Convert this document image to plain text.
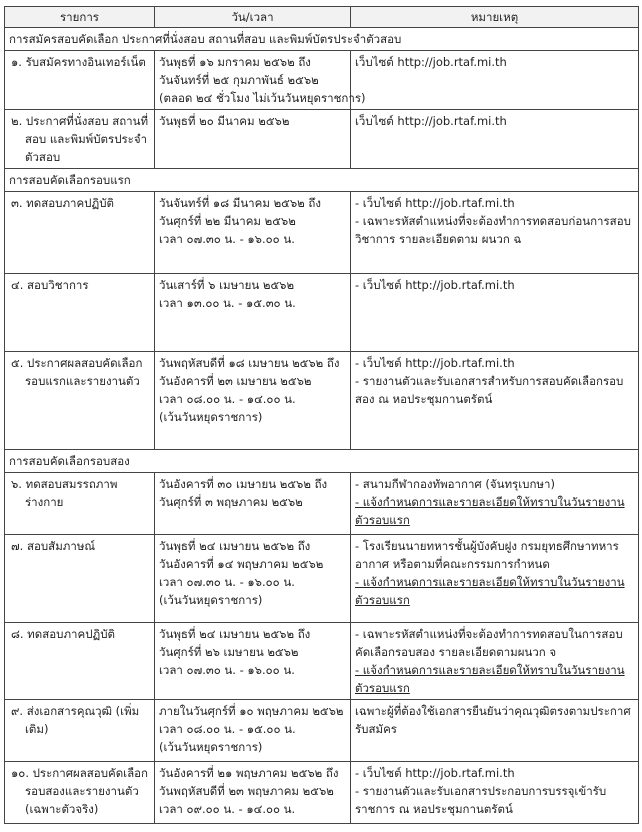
รายการ	วัน/เวลา	หมายเหตุ
การสมัครสอบคัดเลือก ประกาศที่นั่งสอบ สถานที่สอบ และพิมพ์บัตรประจำตัวสอบ		

๑. รับสมัครทางอินเทอร์เน็ต	วันพุธที่ ๑๖ มกราคม ๒๕๖๒ ถึง
วันจันทร์ที่ ๒๕ กุมภาพันธ์ ๒๕๖๒
(ตลอด ๒๔ ชั่วโมง ไม่เว้นวันหยุดราชการ)	เว็บไซต์ http://job.rtaf.mi.th

๒. ประกาศที่นั่งสอบ สถานที่สอบ และพิมพ์บัตรประจำตัวสอบ	วันพุธที่ ๒๐ มีนาคม ๒๕๖๒	เว็บไซต์ http://job.rtaf.mi.th

การสอบคัดเลือกรอบแรก		

๓. ทดสอบภาคปฏิบัติ	วันจันทร์ที่ ๑๘ มีนาคม ๒๕๖๒ ถึง
วันศุกร์ที่ ๒๒ มีนาคม ๒๕๖๒
เวลา ๐๗.๓๐ น. - ๑๖.๐๐ น.	- เว็บไซต์ http://job.rtaf.mi.th
- เฉพาะรหัสตำแหน่งที่จะต้องทำการทดสอบก่อนการสอบวิชาการ รายละเอียดตาม ผนวก ฉ

๔. สอบวิชาการ	วันเสาร์ที่ ๖ เมษายน ๒๕๖๒
เวลา ๑๓.๐๐ น. - ๑๕.๓๐ น.	- เว็บไซต์ http://job.rtaf.mi.th

๕. ประกาศผลสอบคัดเลือกรอบแรกและรายงานตัว	วันพฤหัสบดีที่ ๑๘ เมษายน ๒๕๖๒ ถึง
วันอังคารที่ ๒๓ เมษายน ๒๕๖๒
เวลา ๐๘.๐๐ น. - ๑๔.๐๐ น.
(เว้นวันหยุดราชการ)	- เว็บไซต์ http://job.rtaf.mi.th
- รายงานตัวและรับเอกสารสำหรับการสอบคัดเลือกรอบสอง ณ หอประชุมกานตรัตน์

การสอบคัดเลือกรอบสอง		

๖. ทดสอบสมรรถภาพร่างกาย	วันอังคารที่ ๓๐ เมษายน ๒๕๖๒ ถึง
วันศุกร์ที่ ๓ พฤษภาคม ๒๕๖๒	- สนามกีฬากองทัพอากาศ (จันทรุเบกษา)
- แจ้งกำหนดการและรายละเอียดให้ทราบในวันรายงานตัวรอบแรก

๗. สอบสัมภาษณ์	วันพุธที่ ๒๔ เมษายน ๒๕๖๒ ถึง
วันอังคารที่ ๑๔ พฤษภาคม ๒๕๖๒
เวลา ๐๗.๓๐ น. - ๑๖.๐๐ น.
(เว้นวันหยุดราชการ)	- โรงเรียนนายทหารชั้นผู้บังคับฝูง กรมยุทธศึกษาทหารอากาศ หรือตามที่คณะกรรมการกำหนด
- แจ้งกำหนดการและรายละเอียดให้ทราบในวันรายงานตัวรอบแรก

๘. ทดสอบภาคปฏิบัติ	วันพุธที่ ๒๔ เมษายน ๒๕๖๒ ถึง
วันศุกร์ที่ ๒๖ เมษายน ๒๕๖๒
เวลา ๐๗.๓๐ น. - ๑๖.๐๐ น.	- เฉพาะรหัสตำแหน่งที่จะต้องทำการทดสอบในการสอบคัดเลือกรอบสอง รายละเอียดตามผนวก จ
- แจ้งกำหนดการและรายละเอียดให้ทราบในวันรายงานตัวรอบแรก

๙. ส่งเอกสารคุณวุฒิ (เพิ่มเติม)	ภายในวันศุกร์ที่ ๑๐ พฤษภาคม ๒๕๖๒
เวลา ๐๘.๐๐ น. - ๑๕.๐๐ น.
(เว้นวันหยุดราชการ)	เฉพาะผู้ที่ต้องใช้เอกสารยืนยันว่าคุณวุฒิตรงตามประกาศรับสมัคร

๑๐. ประกาศผลสอบคัดเลือกรอบสองและรายงานตัว (เฉพาะตัวจริง)	วันอังคารที่ ๒๑ พฤษภาคม ๒๕๖๒ ถึง
วันพฤหัสบดีที่ ๒๓ พฤษภาคม ๒๕๖๒
เวลา ๐๙.๐๐ น. - ๑๔.๐๐ น.	- เว็บไซต์ http://job.rtaf.mi.th
- รายงานตัวและรับเอกสารประกอบการบรรจุเข้ารับราชการ ณ หอประชุมกานตรัตน์
